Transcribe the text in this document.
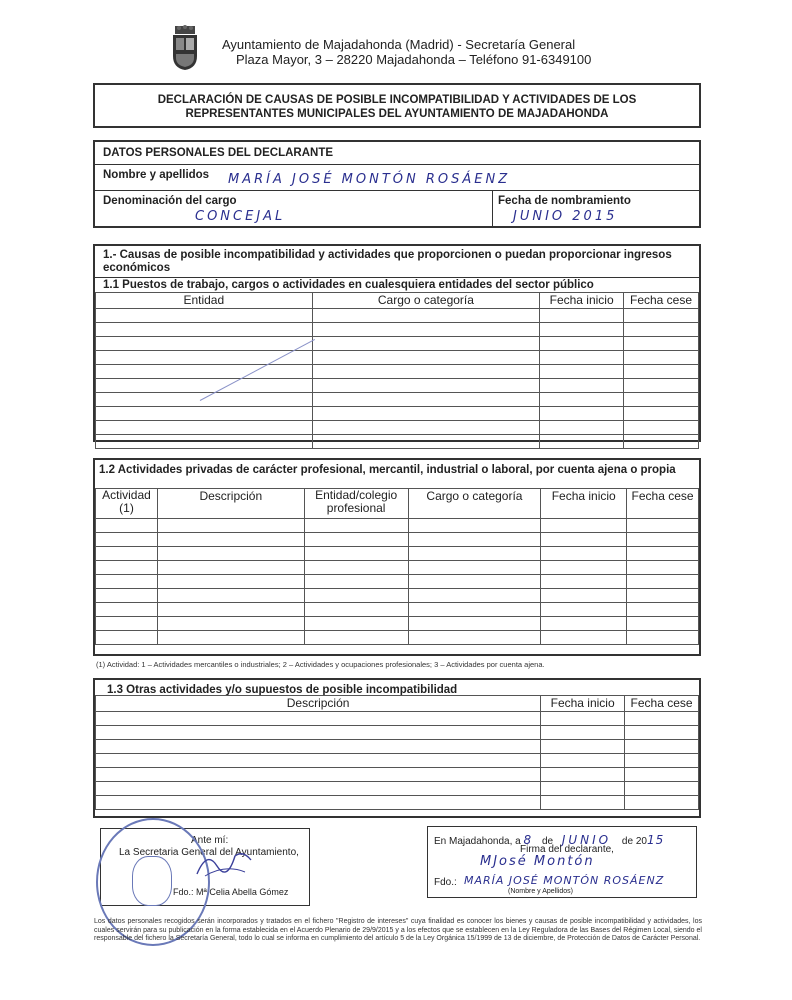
Ayuntamiento de Majadahonda (Madrid) - Secretaría General
Plaza Mayor, 3 – 28220 Majadahonda – Teléfono 91-6349100
DECLARACIÓN DE CAUSAS DE POSIBLE INCOMPATIBILIDAD Y ACTIVIDADES DE LOS
REPRESENTANTES MUNICIPALES DEL AYUNTAMIENTO DE MAJADAHONDA
DATOS PERSONALES DEL DECLARANTE
Nombre y apellidos MARÍA JOSÉ MONTÓN ROSÁENZ
Denominación del cargo
CONCEJAL
Fecha de nombramiento
JUNIO 2015
1.- Causas de posible incompatibilidad y actividades que proporcionen o puedan proporcionar ingresos económicos
1.1 Puestos de trabajo, cargos o actividades en cualesquiera entidades del sector público
Entidad	Cargo o categoría	Fecha inicio	Fecha cese

1.2 Actividades privadas de carácter profesional, mercantil, industrial o laboral, por cuenta ajena o propia
Actividad (1)	Descripción	Entidad/colegio profesional	Cargo o categoría	Fecha inicio	Fecha cese

(1) Actividad: 1 – Actividades mercantiles o industriales; 2 – Actividades y ocupaciones profesionales; 3 – Actividades por cuenta ajena.
1.3 Otras actividades y/o supuestos de posible incompatibilidad
Descripción	Fecha inicio	Fecha cese

Ante mí:
La Secretaria General del Ayuntamiento,
Fdo.: Mª Celia Abella Gómez
En Majadahonda, a 8 de JUNIO de 2015
Firma del declarante,
MJosé Montón
Fdo.: MARÍA JOSÉ MONTÓN ROSÁENZ
(Nombre y Apellidos)
Los datos personales recogidos serán incorporados y tratados en el fichero "Registro de intereses" cuya finalidad es conocer los bienes y causas de posible incompatibilidad y actividades, los cuales servirán para su publicación en la forma establecida en el Acuerdo Plenario de 29/9/2015 y a los efectos que se establecen en la Ley Reguladora de las Bases del Régimen Local, siendo el responsable del fichero la Secretaría General, todo lo cual se informa en cumplimiento del artículo 5 de la Ley Orgánica 15/1999 de 13 de diciembre, de Protección de Datos de Carácter Personal.
